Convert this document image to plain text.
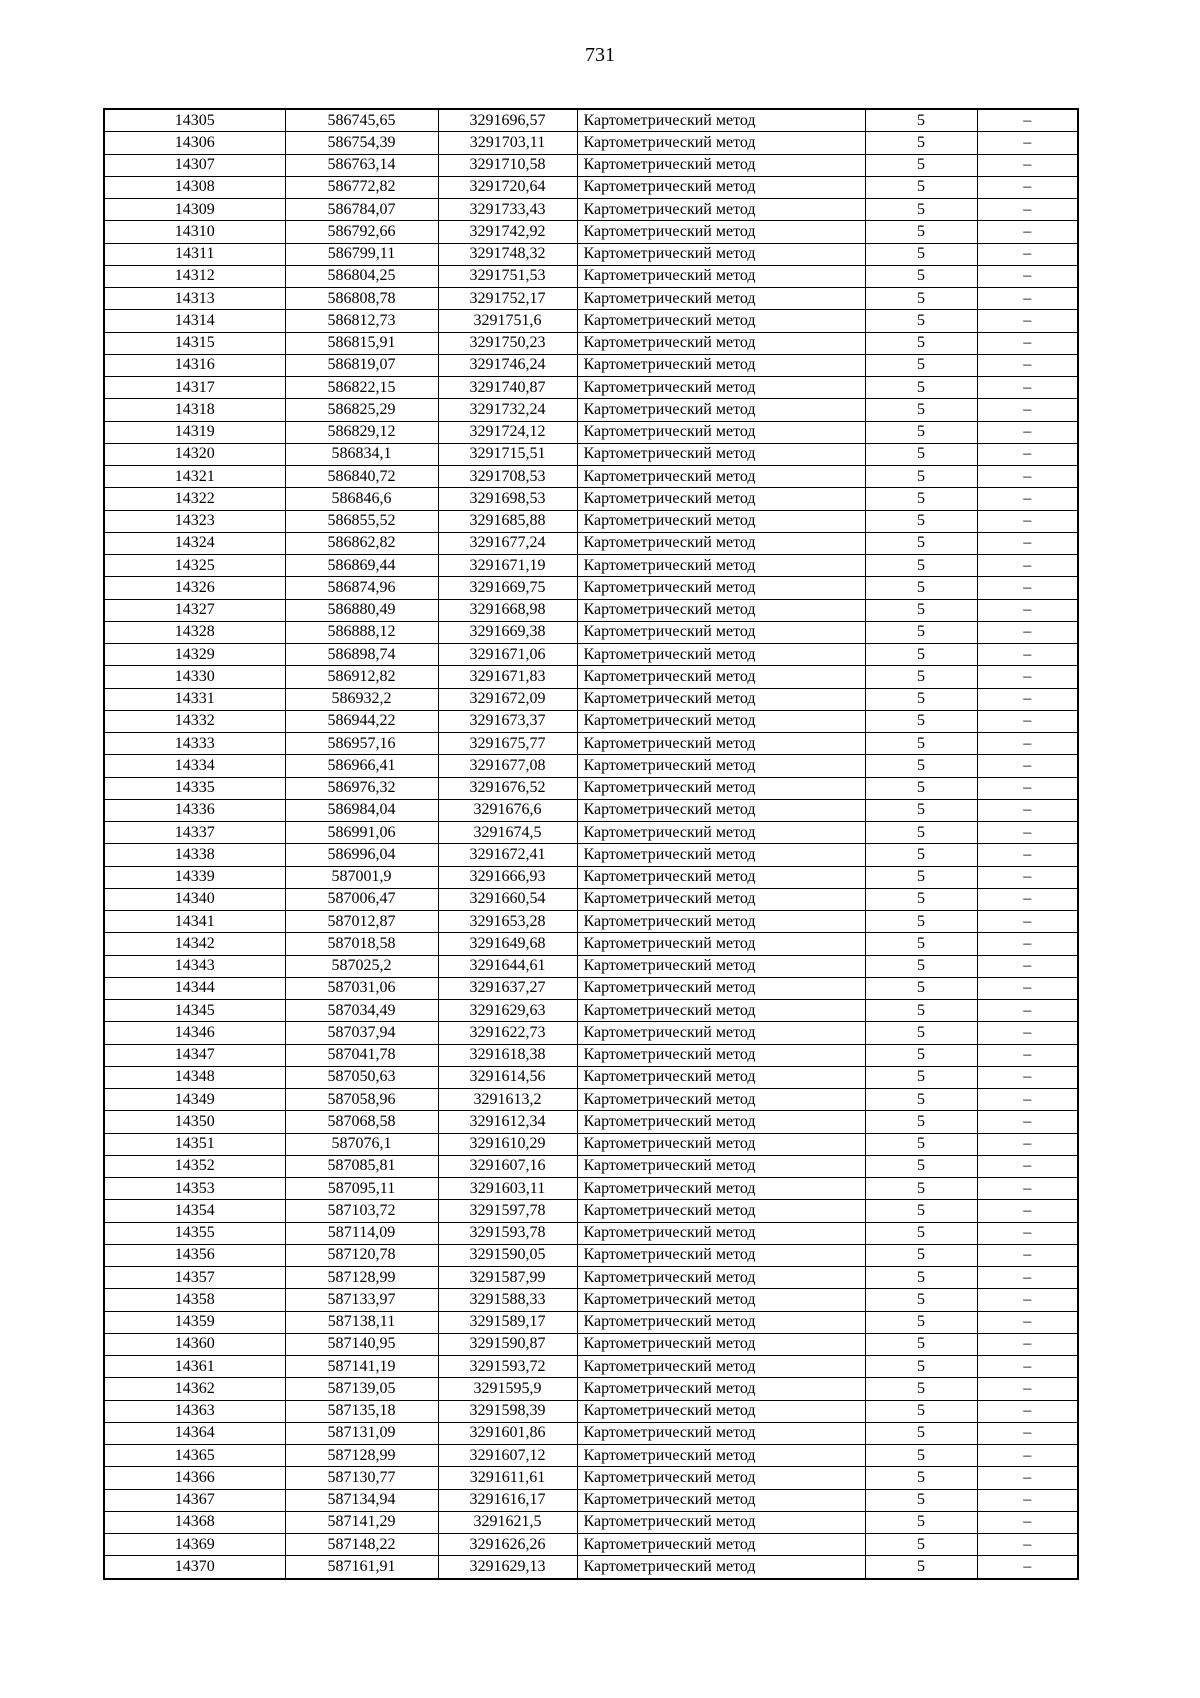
731
14305	586745,65	3291696,57	Картометрический метод	5	–
14306	586754,39	3291703,11	Картометрический метод	5	–
14307	586763,14	3291710,58	Картометрический метод	5	–
14308	586772,82	3291720,64	Картометрический метод	5	–
14309	586784,07	3291733,43	Картометрический метод	5	–
14310	586792,66	3291742,92	Картометрический метод	5	–
14311	586799,11	3291748,32	Картометрический метод	5	–
14312	586804,25	3291751,53	Картометрический метод	5	–
14313	586808,78	3291752,17	Картометрический метод	5	–
14314	586812,73	3291751,6	Картометрический метод	5	–
14315	586815,91	3291750,23	Картометрический метод	5	–
14316	586819,07	3291746,24	Картометрический метод	5	–
14317	586822,15	3291740,87	Картометрический метод	5	–
14318	586825,29	3291732,24	Картометрический метод	5	–
14319	586829,12	3291724,12	Картометрический метод	5	–
14320	586834,1	3291715,51	Картометрический метод	5	–
14321	586840,72	3291708,53	Картометрический метод	5	–
14322	586846,6	3291698,53	Картометрический метод	5	–
14323	586855,52	3291685,88	Картометрический метод	5	–
14324	586862,82	3291677,24	Картометрический метод	5	–
14325	586869,44	3291671,19	Картометрический метод	5	–
14326	586874,96	3291669,75	Картометрический метод	5	–
14327	586880,49	3291668,98	Картометрический метод	5	–
14328	586888,12	3291669,38	Картометрический метод	5	–
14329	586898,74	3291671,06	Картометрический метод	5	–
14330	586912,82	3291671,83	Картометрический метод	5	–
14331	586932,2	3291672,09	Картометрический метод	5	–
14332	586944,22	3291673,37	Картометрический метод	5	–
14333	586957,16	3291675,77	Картометрический метод	5	–
14334	586966,41	3291677,08	Картометрический метод	5	–
14335	586976,32	3291676,52	Картометрический метод	5	–
14336	586984,04	3291676,6	Картометрический метод	5	–
14337	586991,06	3291674,5	Картометрический метод	5	–
14338	586996,04	3291672,41	Картометрический метод	5	–
14339	587001,9	3291666,93	Картометрический метод	5	–
14340	587006,47	3291660,54	Картометрический метод	5	–
14341	587012,87	3291653,28	Картометрический метод	5	–
14342	587018,58	3291649,68	Картометрический метод	5	–
14343	587025,2	3291644,61	Картометрический метод	5	–
14344	587031,06	3291637,27	Картометрический метод	5	–
14345	587034,49	3291629,63	Картометрический метод	5	–
14346	587037,94	3291622,73	Картометрический метод	5	–
14347	587041,78	3291618,38	Картометрический метод	5	–
14348	587050,63	3291614,56	Картометрический метод	5	–
14349	587058,96	3291613,2	Картометрический метод	5	–
14350	587068,58	3291612,34	Картометрический метод	5	–
14351	587076,1	3291610,29	Картометрический метод	5	–
14352	587085,81	3291607,16	Картометрический метод	5	–
14353	587095,11	3291603,11	Картометрический метод	5	–
14354	587103,72	3291597,78	Картометрический метод	5	–
14355	587114,09	3291593,78	Картометрический метод	5	–
14356	587120,78	3291590,05	Картометрический метод	5	–
14357	587128,99	3291587,99	Картометрический метод	5	–
14358	587133,97	3291588,33	Картометрический метод	5	–
14359	587138,11	3291589,17	Картометрический метод	5	–
14360	587140,95	3291590,87	Картометрический метод	5	–
14361	587141,19	3291593,72	Картометрический метод	5	–
14362	587139,05	3291595,9	Картометрический метод	5	–
14363	587135,18	3291598,39	Картометрический метод	5	–
14364	587131,09	3291601,86	Картометрический метод	5	–
14365	587128,99	3291607,12	Картометрический метод	5	–
14366	587130,77	3291611,61	Картометрический метод	5	–
14367	587134,94	3291616,17	Картометрический метод	5	–
14368	587141,29	3291621,5	Картометрический метод	5	–
14369	587148,22	3291626,26	Картометрический метод	5	–
14370	587161,91	3291629,13	Картометрический метод	5	–
